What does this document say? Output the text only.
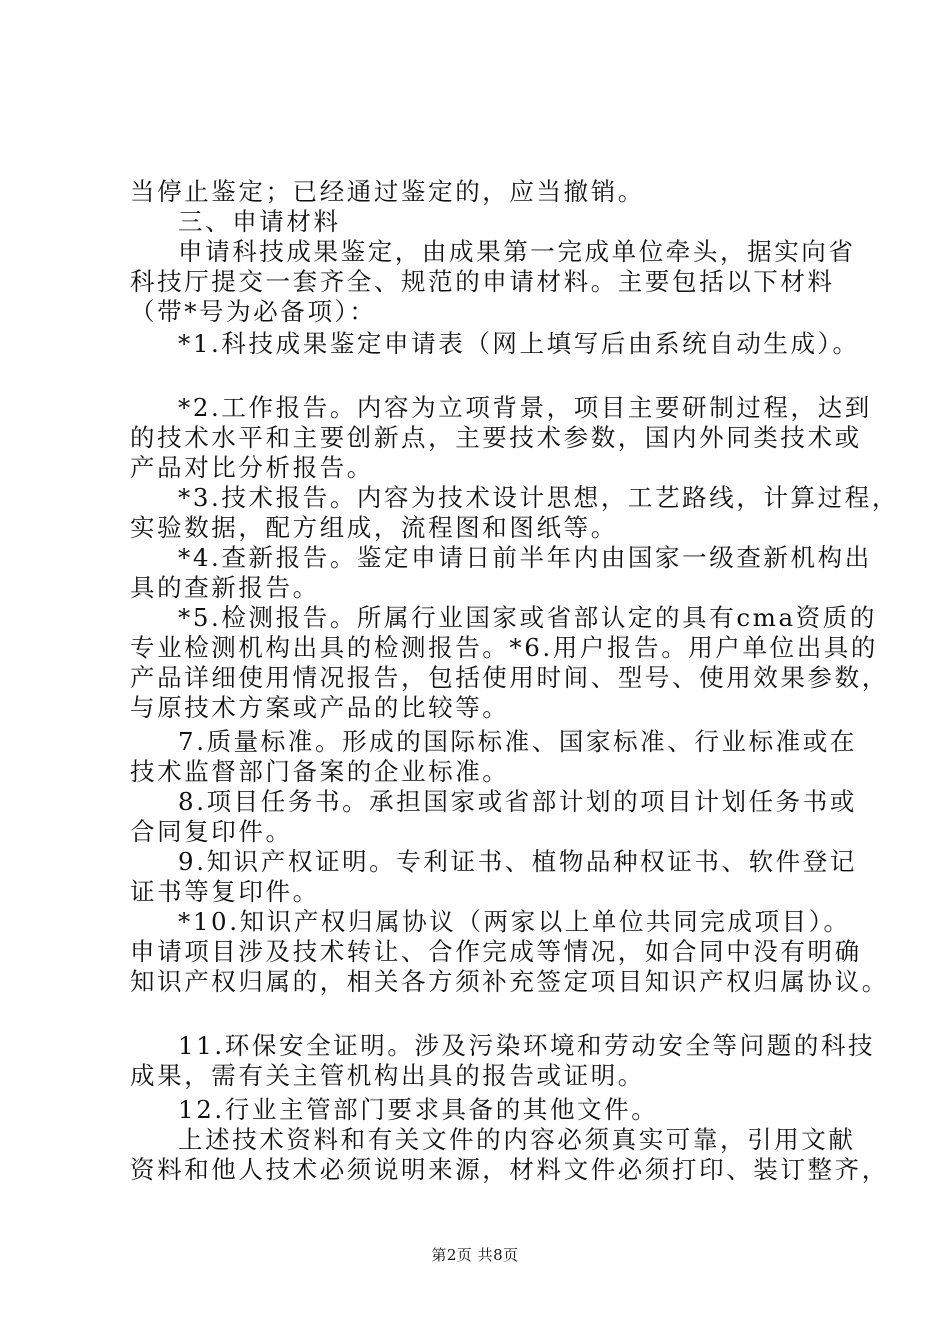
当停止鉴定；已经通过鉴定的，应当撤销。
三、申请材料
申请科技成果鉴定，由成果第一完成单位牵头，据实向省
科技厅提交一套齐全、规范的申请材料。主要包括以下材料
（带*号为必备项）：
*1.科技成果鉴定申请表（网上填写后由系统自动生成）。
*2.工作报告。内容为立项背景，项目主要研制过程，达到
的技术水平和主要创新点，主要技术参数，国内外同类技术或
产品对比分析报告。
*3.技术报告。内容为技术设计思想，工艺路线，计算过程，
实验数据，配方组成，流程图和图纸等。
*4.查新报告。鉴定申请日前半年内由国家一级查新机构出
具的查新报告。
*5.检测报告。所属行业国家或省部认定的具有cma资质的
专业检测机构出具的检测报告。*6.用户报告。用户单位出具的
产品详细使用情况报告，包括使用时间、型号、使用效果参数，
与原技术方案或产品的比较等。
7.质量标准。形成的国际标准、国家标准、行业标准或在
技术监督部门备案的企业标准。
8.项目任务书。承担国家或省部计划的项目计划任务书或
合同复印件。
9.知识产权证明。专利证书、植物品种权证书、软件登记
证书等复印件。
*10.知识产权归属协议（两家以上单位共同完成项目）。
申请项目涉及技术转让、合作完成等情况，如合同中没有明确
知识产权归属的，相关各方须补充签定项目知识产权归属协议。
11.环保安全证明。涉及污染环境和劳动安全等问题的科技
成果，需有关主管机构出具的报告或证明。
12.行业主管部门要求具备的其他文件。
上述技术资料和有关文件的内容必须真实可靠，引用文献
资料和他人技术必须说明来源，材料文件必须打印、装订整齐，
第2页 共8页
